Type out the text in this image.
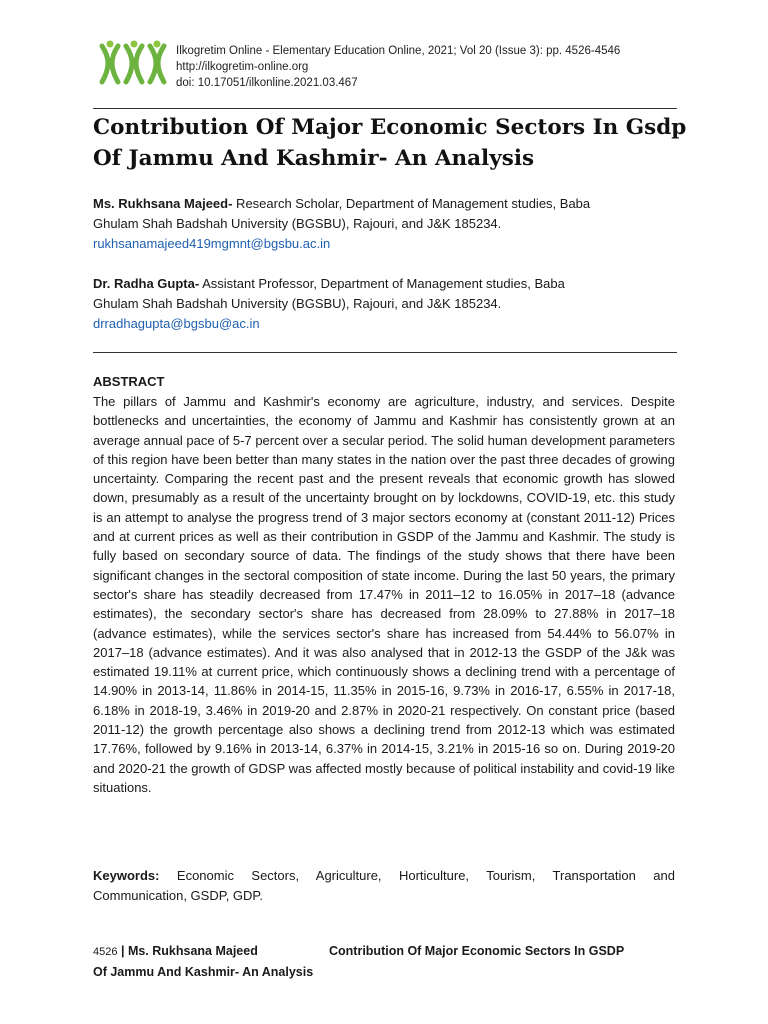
Ilkogretim Online - Elementary Education Online, 2021; Vol 20 (Issue 3): pp. 4526-4546
http://ilkogretim-online.org
doi: 10.17051/ilkonline.2021.03.467
Contribution Of Major Economic Sectors In Gsdp
Of Jammu And Kashmir- An Analysis
Ms. Rukhsana Majeed- Research Scholar, Department of Management studies, Baba
Ghulam Shah Badshah University (BGSBU), Rajouri, and J&K 185234.
rukhsanamajeed419mgmnt@bgsbu.ac.in
Dr. Radha Gupta- Assistant Professor, Department of Management studies, Baba
Ghulam Shah Badshah University (BGSBU), Rajouri, and J&K 185234.
drradhagupta@bgsbu@ac.in
ABSTRACT
The pillars of Jammu and Kashmir's economy are agriculture, industry, and services. Despite bottlenecks and uncertainties, the economy of Jammu and Kashmir has consistently grown at an average annual pace of 5-7 percent over a secular period. The solid human development parameters of this region have been better than many states in the nation over the past three decades of growing uncertainty. Comparing the recent past and the present reveals that economic growth has slowed down, presumably as a result of the uncertainty brought on by lockdowns, COVID-19, etc. this study is an attempt to analyse the progress trend of 3 major sectors economy at (constant 2011-12) Prices and at current prices as well as their contribution in GSDP of the Jammu and Kashmir. The study is fully based on secondary source of data. The findings of the study shows that there have been significant changes in the sectoral composition of state income. During the last 50 years, the primary sector's share has steadily decreased from 17.47% in 2011–12 to 16.05% in 2017–18 (advance estimates), the secondary sector's share has decreased from 28.09% to 27.88% in 2017–18 (advance estimates), while the services sector's share has increased from 54.44% to 56.07% in 2017–18 (advance estimates). And it was also analysed that in 2012-13 the GSDP of the J&k was estimated 19.11% at current price, which continuously shows a declining trend with a percentage of 14.90% in 2013-14, 11.86% in 2014-15, 11.35% in 2015-16, 9.73% in 2016-17, 6.55% in 2017-18, 6.18% in 2018-19, 3.46% in 2019-20 and 2.87% in 2020-21 respectively. On constant price (based 2011-12) the growth percentage also shows a declining trend from 2012-13 which was estimated 17.76%, followed by 9.16% in 2013-14, 6.37% in 2014-15, 3.21% in 2015-16 so on. During 2019-20 and 2020-21 the growth of GDSP was affected mostly because of political instability and covid-19 like situations.
Keywords: Economic Sectors, Agriculture, Horticulture, Tourism, Transportation and Communication, GSDP, GDP.
4526 | Ms. Rukhsana Majeed	Contribution Of Major Economic Sectors In GSDP
Of Jammu And Kashmir- An Analysis
